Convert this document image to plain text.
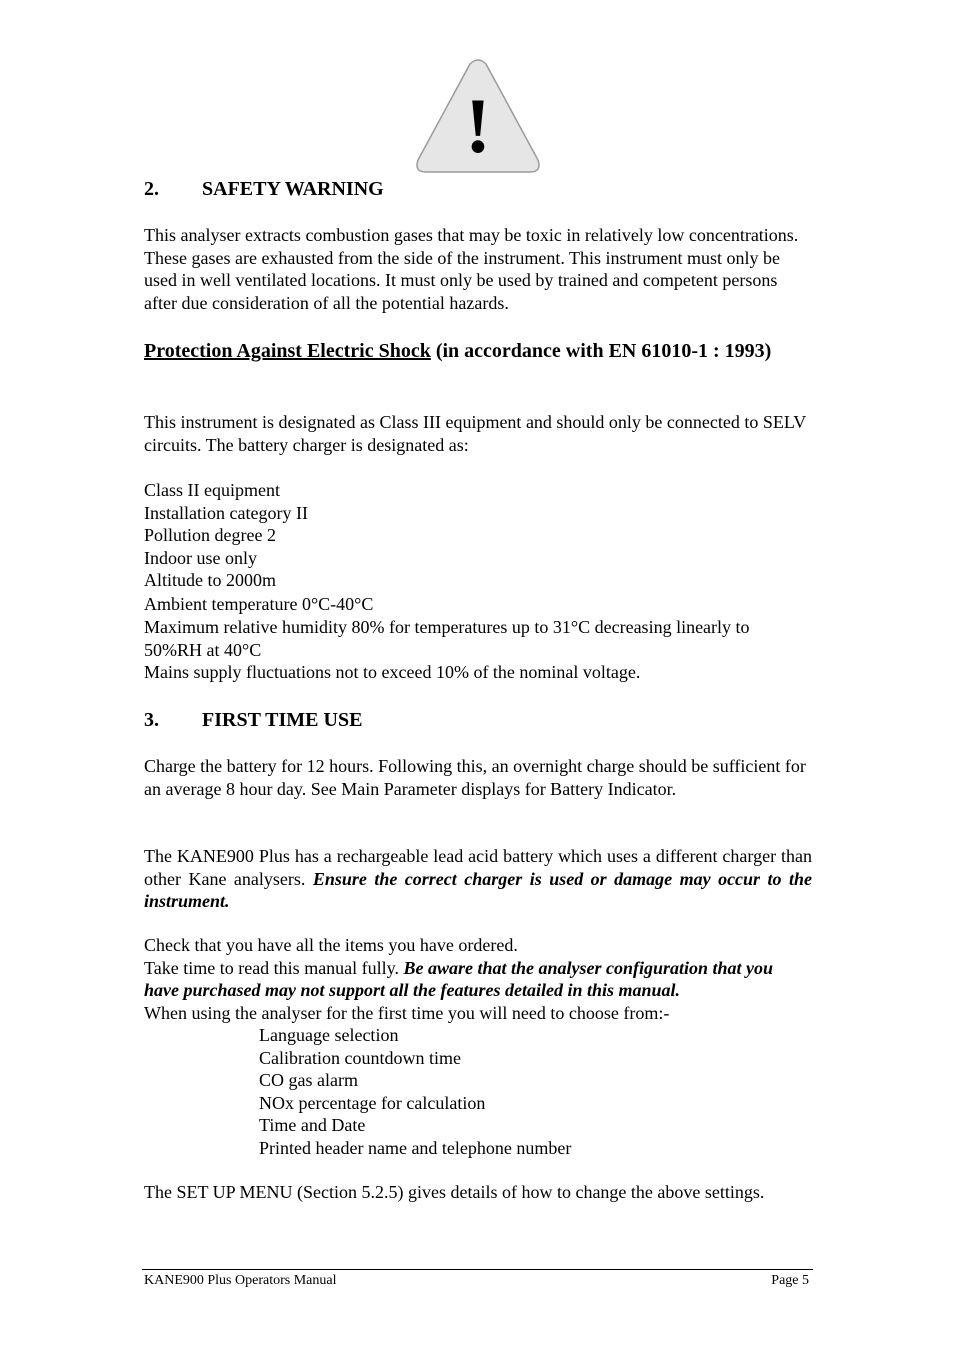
!
2. SAFETY WARNING

This analyser extracts combustion gases that may be toxic in relatively low concentrations. These gases are exhausted from the side of the instrument. This instrument must only be used in well ventilated locations. It must only be used by trained and competent persons after due consideration of all the potential hazards.

Protection Against Electric Shock (in accordance with EN 61010-1 : 1993)

This instrument is designated as Class III equipment and should only be connected to SELV circuits. The battery charger is designated as:

Class II equipment
Installation category II
Pollution degree 2
Indoor use only
Altitude to 2000m
Ambient temperature 0°C-40°C
Maximum relative humidity 80% for temperatures up to 31°C decreasing linearly to 50%RH at 40°C
Mains supply fluctuations not to exceed 10% of the nominal voltage.
3. FIRST TIME USE

Charge the battery for 12 hours. Following this, an overnight charge should be sufficient for an average 8 hour day. See Main Parameter displays for Battery Indicator.

The KANE900 Plus has a rechargeable lead acid battery which uses a different charger than other Kane analysers. Ensure the correct charger is used or damage may occur to the instrument.

Check that you have all the items you have ordered.
Take time to read this manual fully. Be aware that the analyser configuration that you have purchased may not support all the features detailed in this manual.
When using the analyser for the first time you will need to choose from:-
Language selection
Calibration countdown time
CO gas alarm
NOx percentage for calculation
Time and Date
Printed header name and telephone number

The SET UP MENU (Section 5.2.5) gives details of how to change the above settings.

KANE900 Plus Operators Manual	Page 5
